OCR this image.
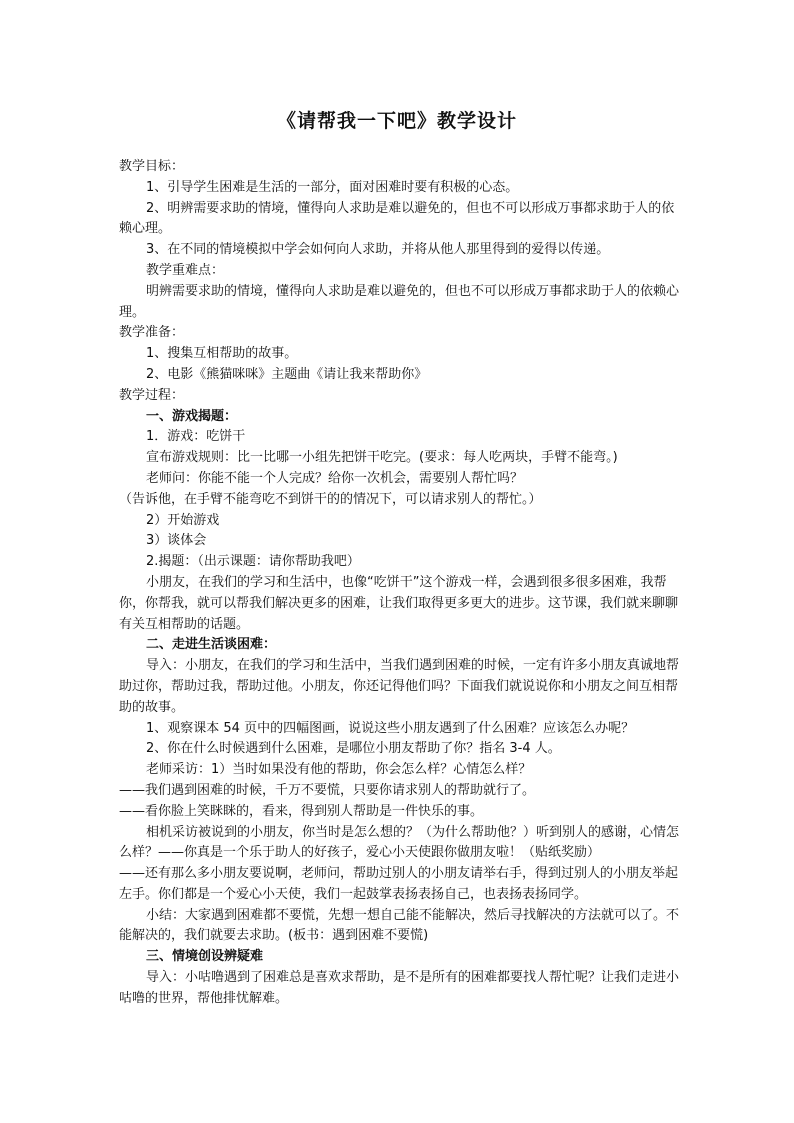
《请帮我一下吧》教学设计

教学目标：

1、引导学生困难是生活的一部分，面对困难时要有积极的心态。

2、明辨需要求助的情境，懂得向人求助是难以避免的，但也不可以形成万事都求助于人的依赖心理。

3、在不同的情境模拟中学会如何向人求助，并将从他人那里得到的爱得以传递。

教学重难点：

明辨需要求助的情境，懂得向人求助是难以避免的，但也不可以形成万事都求助于人的依赖心理。

教学准备：

1、搜集互相帮助的故事。

2、电影《熊猫咪咪》主题曲《请让我来帮助你》

教学过程：

一、游戏揭题：

1．游戏：吃饼干

宣布游戏规则：比一比哪一小组先把饼干吃完。(要求：每人吃两块，手臂不能弯。)

老师问：你能不能一个人完成？给你一次机会，需要别人帮忙吗？

（告诉他，在手臂不能弯吃不到饼干的的情况下，可以请求别人的帮忙。）

2）开始游戏

3）谈体会

2.揭题：（出示课题：请你帮助我吧）

小朋友，在我们的学习和生活中，也像“吃饼干”这个游戏一样，会遇到很多很多困难，我帮你，你帮我，就可以帮我们解决更多的困难，让我们取得更多更大的进步。这节课，我们就来聊聊有关互相帮助的话题。

二、走进生活谈困难：

导入：小朋友，在我们的学习和生活中，当我们遇到困难的时候，一定有许多小朋友真诚地帮助过你，帮助过我，帮助过他。小朋友，你还记得他们吗？下面我们就说说你和小朋友之间互相帮助的故事。

1、观察课本 54 页中的四幅图画，说说这些小朋友遇到了什么困难？应该怎么办呢？

2、你在什么时候遇到什么困难，是哪位小朋友帮助了你？指名 3-4 人。

老师采访：1）当时如果没有他的帮助，你会怎么样？心情怎么样？

——我们遇到困难的时候，千万不要慌，只要你请求别人的帮助就行了。

——看你脸上笑眯眯的，看来，得到别人帮助是一件快乐的事。

相机采访被说到的小朋友，你当时是怎么想的？（为什么帮助他？）听到别人的感谢，心情怎么样？——你真是一个乐于助人的好孩子，爱心小天使跟你做朋友啦！（贴纸奖励）

——还有那么多小朋友要说啊，老师问，帮助过别人的小朋友请举右手，得到过别人的小朋友举起左手。你们都是一个爱心小天使，我们一起鼓掌表扬表扬自己，也表扬表扬同学。

小结：大家遇到困难都不要慌，先想一想自己能不能解决，然后寻找解决的方法就可以了。不能解决的，我们就要去求助。(板书：遇到困难不要慌)

三、情境创设辨疑难

导入：小咕噜遇到了困难总是喜欢求帮助，是不是所有的困难都要找人帮忙呢？让我们走进小咕噜的世界，帮他排忧解难。
